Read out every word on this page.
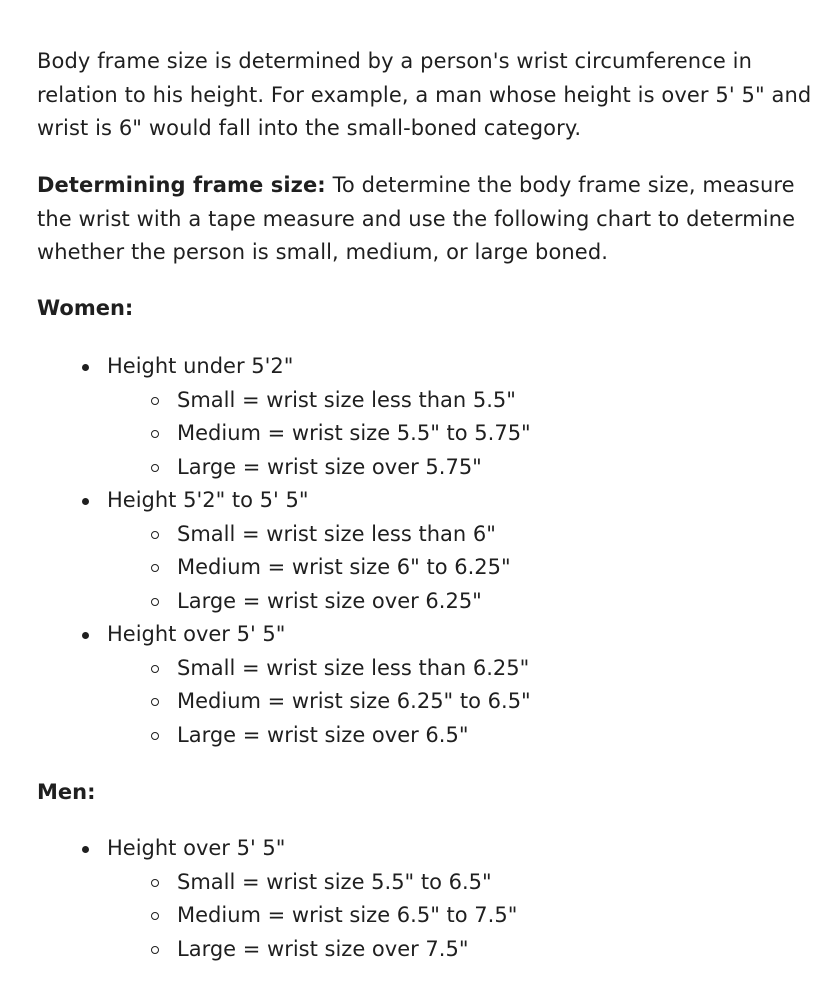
Body frame size is determined by a person's wrist circumference in relation to his height. For example, a man whose height is over 5' 5" and wrist is 6" would fall into the small-boned category.

Determining frame size: To determine the body frame size, measure the wrist with a tape measure and use the following chart to determine whether the person is small, medium, or large boned.

Women:
Height under 5'2"
Small = wrist size less than 5.5"
Medium = wrist size 5.5" to 5.75"
Large = wrist size over 5.75"
Height 5'2" to 5' 5"
Small = wrist size less than 6"
Medium = wrist size 6" to 6.25"
Large = wrist size over 6.25"
Height over 5' 5"
Small = wrist size less than 6.25"
Medium = wrist size 6.25" to 6.5"
Large = wrist size over 6.5"
Men:
Height over 5' 5"
Small = wrist size 5.5" to 6.5"
Medium = wrist size 6.5" to 7.5"
Large = wrist size over 7.5"
